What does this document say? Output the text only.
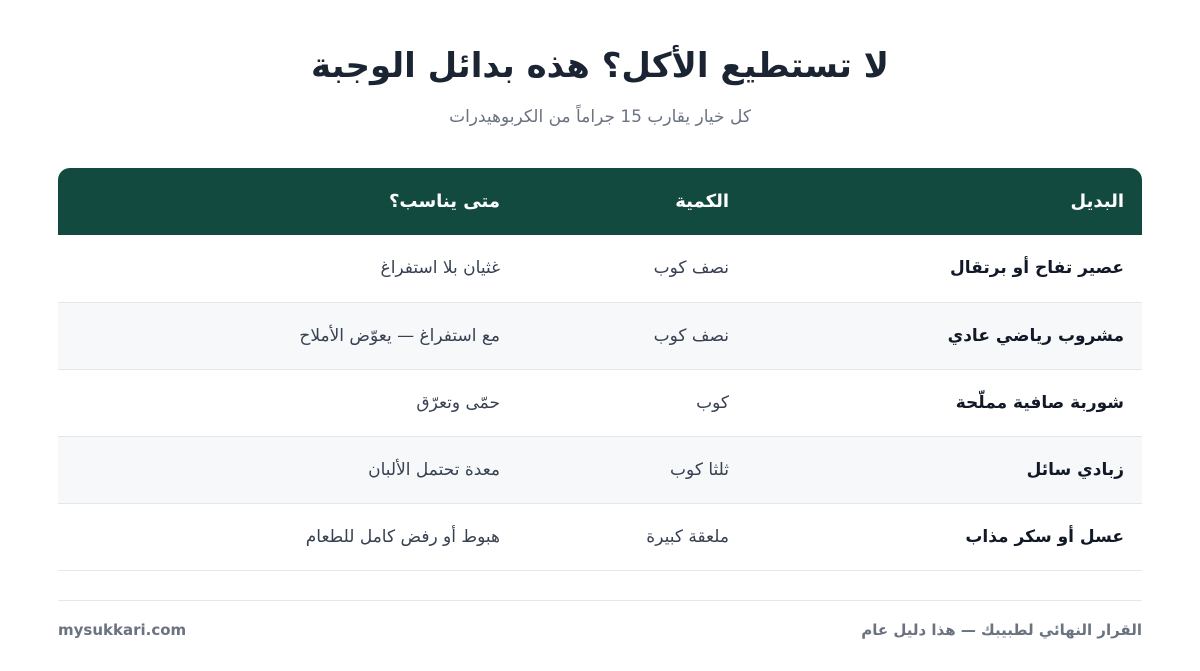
لا تستطيع الأكل؟ هذه بدائل الوجبة

كل خيار يقارب 15 جراماً من الكربوهيدرات

البديل	الكمية	متى يناسب؟
عصير تفاح أو برتقال	نصف كوب	غثيان بلا استفراغ
مشروب رياضي عادي	نصف كوب	مع استفراغ — يعوّض الأملاح
شوربة صافية مملّحة	كوب	حمّى وتعرّق
زبادي سائل	ثلثا كوب	معدة تحتمل الألبان
عسل أو سكر مذاب	ملعقة كبيرة	هبوط أو رفض كامل للطعام

القرار النهائي لطبيبك — هذا دليل عام

mysukkari.com
